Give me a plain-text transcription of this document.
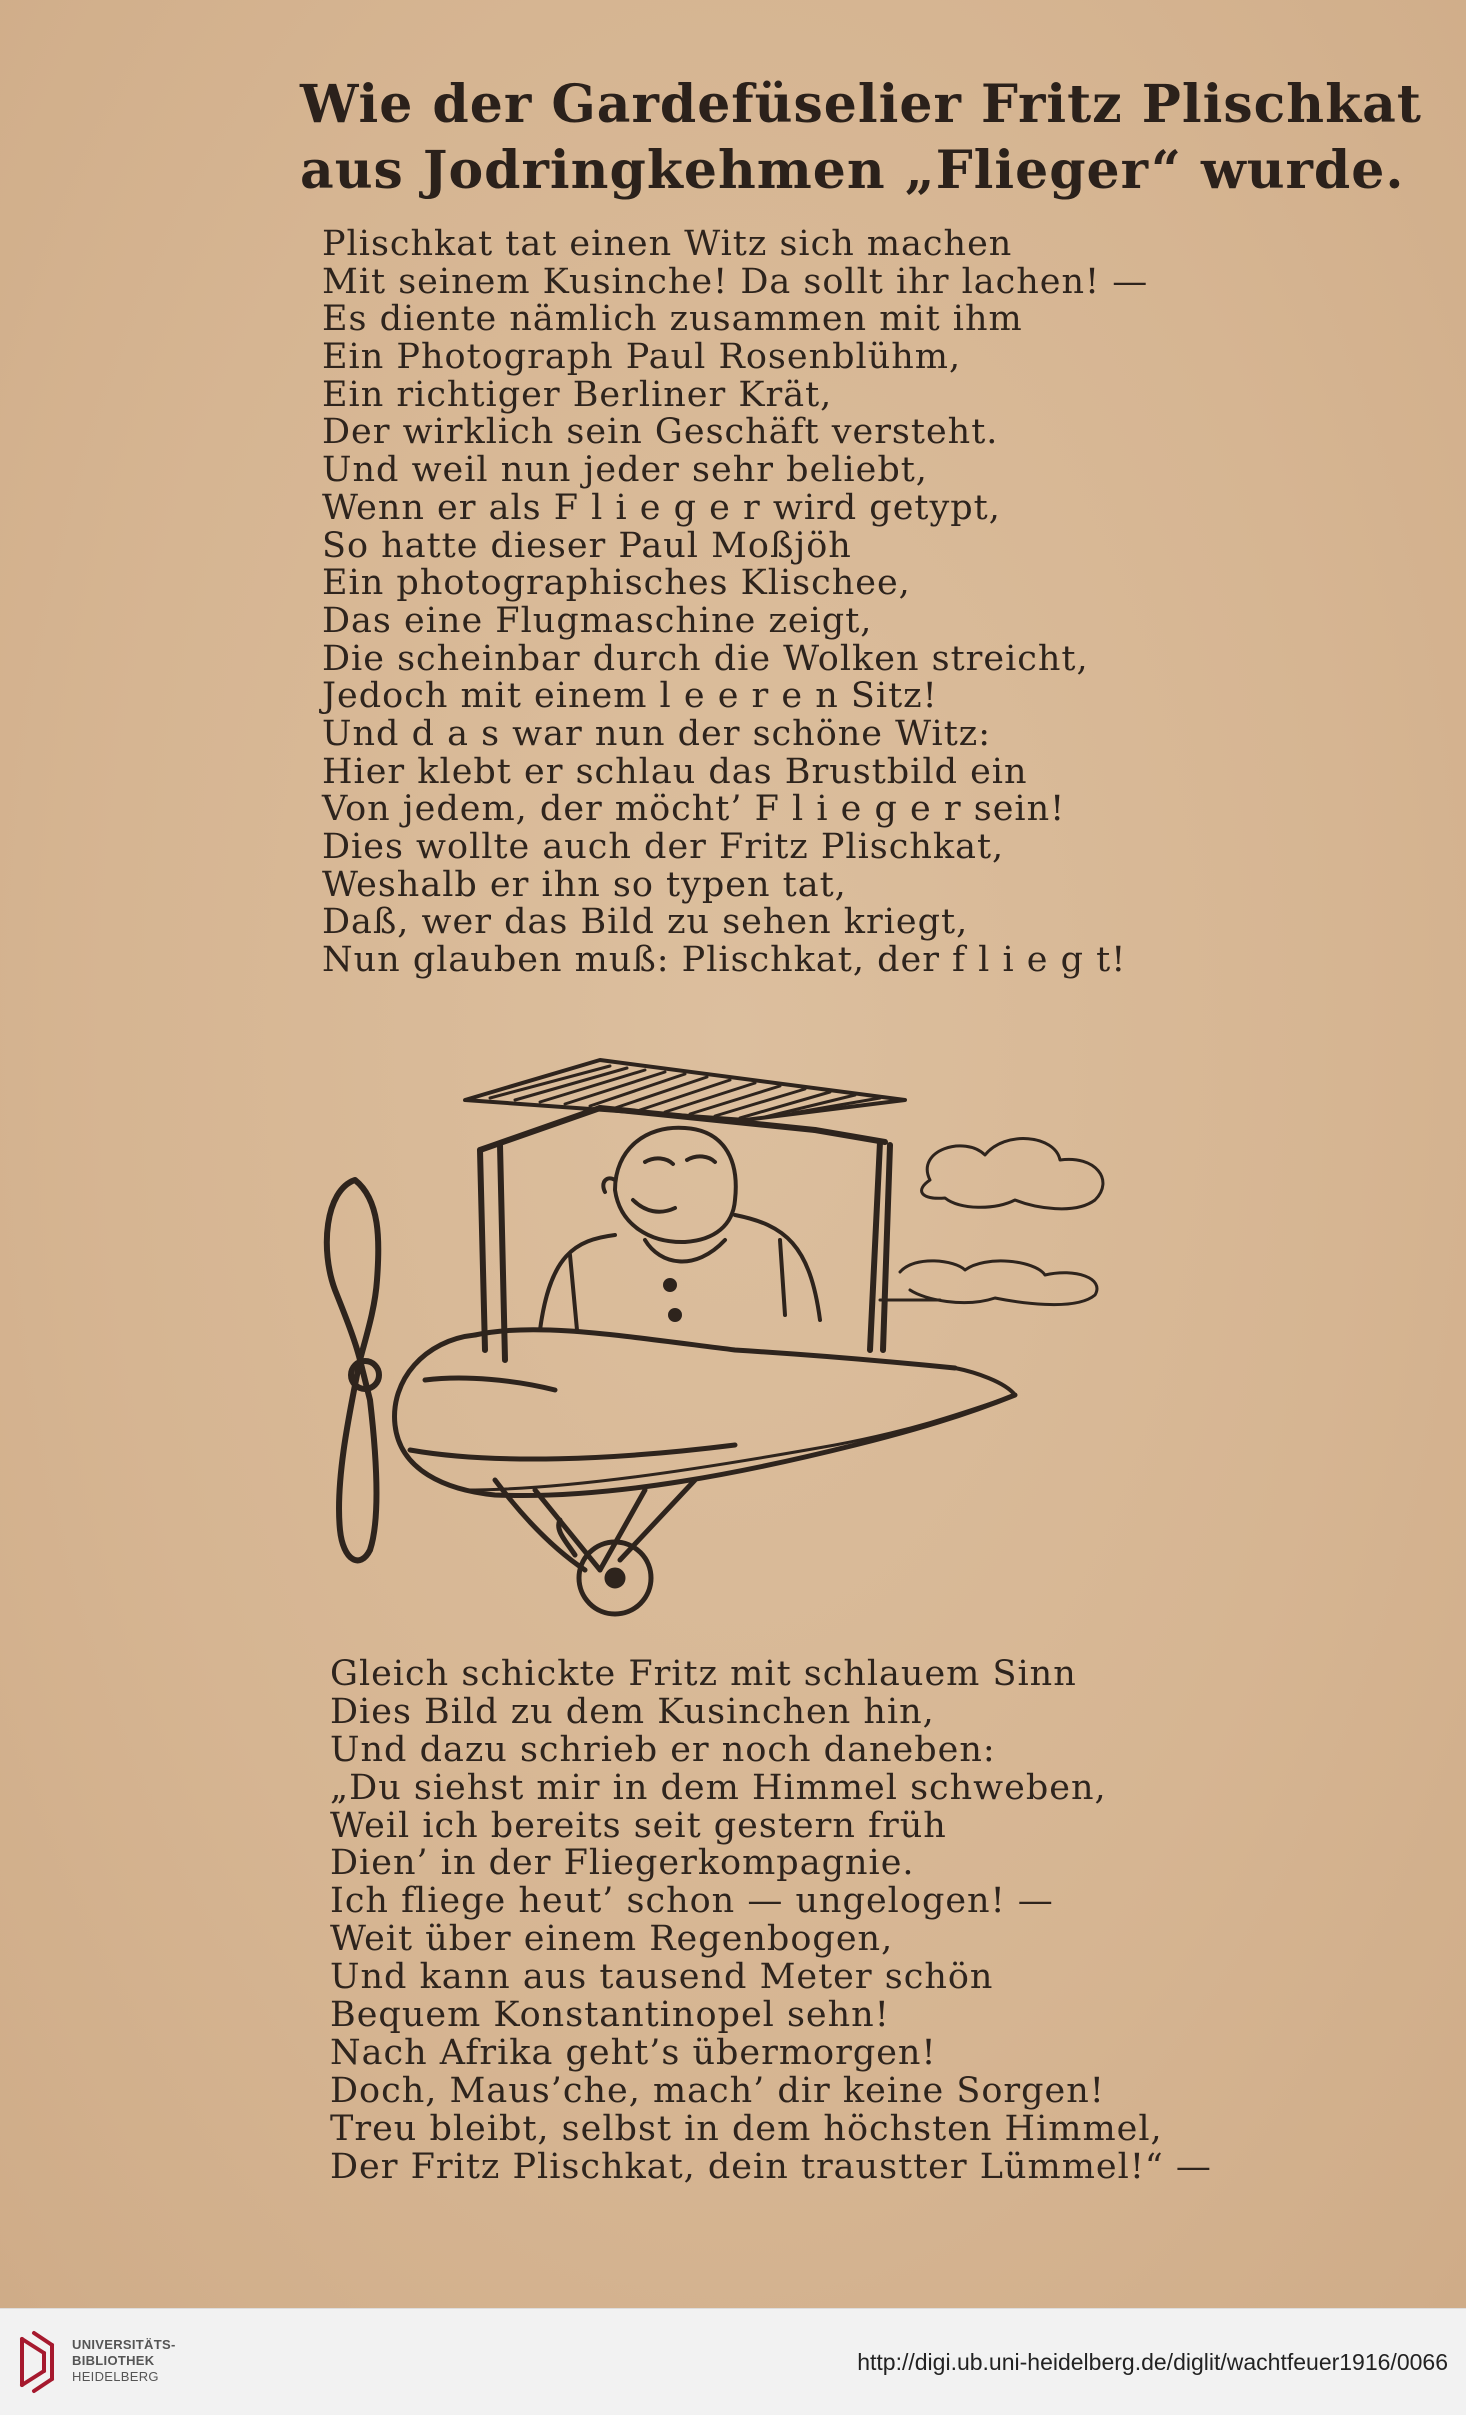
Wie der Gardefüselier Fritz Plischkat
aus Jodringkehmen „Flieger“ wurde.
Plischkat tat einen Witz sich machen
Mit seinem Kusinche! Da sollt ihr lachen! —
Es diente nämlich zusammen mit ihm
Ein Photograph Paul Rosenblühm,
Ein richtiger Berliner Krät,
Der wirklich sein Geschäft versteht.
Und weil nun jeder sehr beliebt,
Wenn er als F l i e g e r wird getypt,
So hatte dieser Paul Moßjöh
Ein photographisches Klischee,
Das eine Flugmaschine zeigt,
Die scheinbar durch die Wolken streicht,
Jedoch mit einem l e e r e n Sitz!
Und d a s war nun der schöne Witz:
Hier klebt er schlau das Brustbild ein
Von jedem, der möcht’ F l i e g e r sein!
Dies wollte auch der Fritz Plischkat,
Weshalb er ihn so typen tat,
Daß, wer das Bild zu sehen kriegt,
Nun glauben muß: Plischkat, der f l i e g t!
Gleich schickte Fritz mit schlauem Sinn
Dies Bild zu dem Kusinchen hin,
Und dazu schrieb er noch daneben:
„Du siehst mir in dem Himmel schweben,
Weil ich bereits seit gestern früh
Dien’ in der Fliegerkompagnie.
Ich fliege heut’ schon — ungelogen! —
Weit über einem Regenbogen,
Und kann aus tausend Meter schön
Bequem Konstantinopel sehn!
Nach Afrika geht’s übermorgen!
Doch, Maus’che, mach’ dir keine Sorgen!
Treu bleibt, selbst in dem höchsten Himmel,
Der Fritz Plischkat, dein traustter Lümmel!“ —
UNIVERSITÄTS-
BIBLIOTHEK
HEIDELBERG
http://digi.ub.uni-heidelberg.de/diglit/wachtfeuer1916/0066
